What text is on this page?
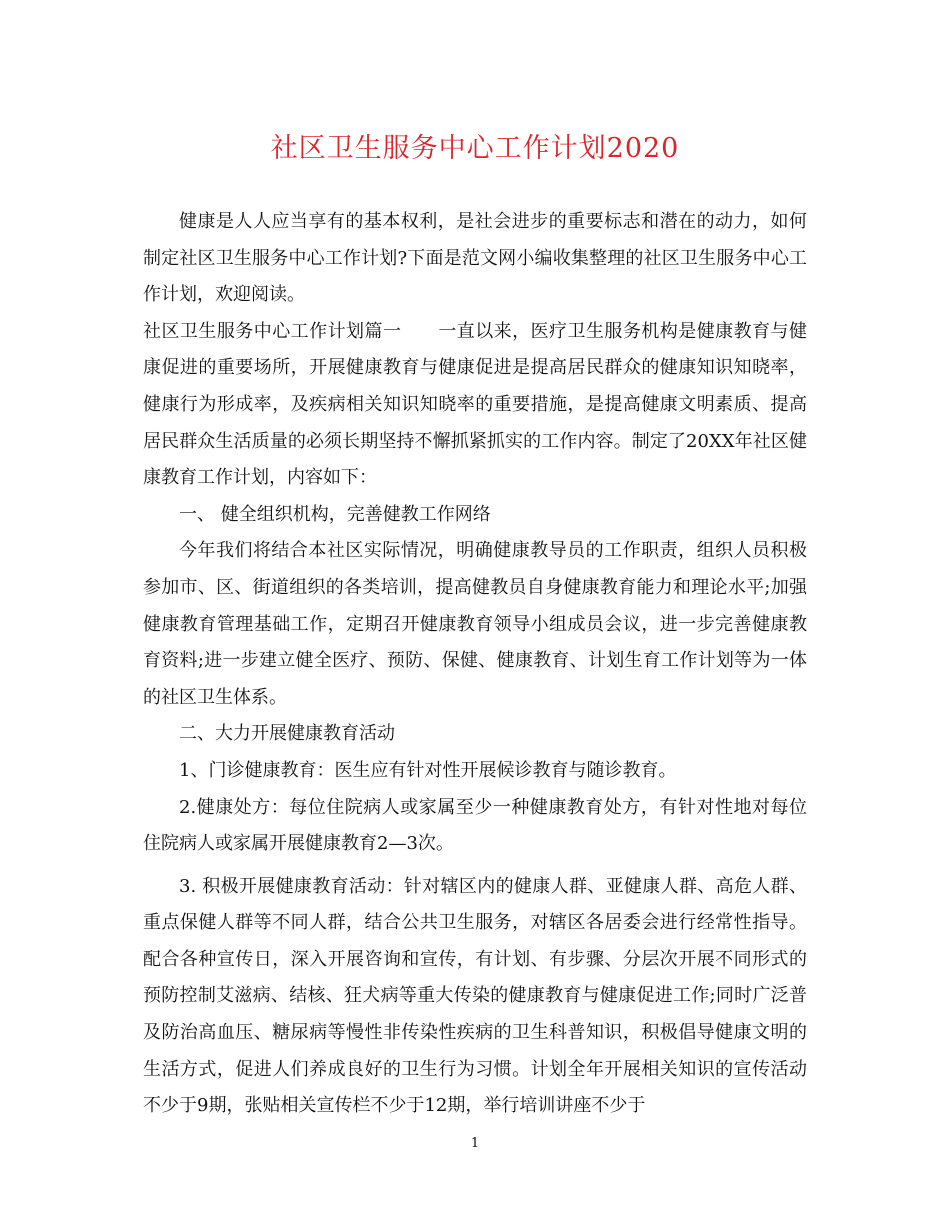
社区卫生服务中心工作计划2020

健康是人人应当享有的基本权利，是社会进步的重要标志和潜在的动力，如何制定社区卫生服务中心工作计划?下面是范文网小编收集整理的社区卫生服务中心工作计划，欢迎阅读。

社区卫生服务中心工作计划篇一　　一直以来，医疗卫生服务机构是健康教育与健康促进的重要场所，开展健康教育与健康促进是提高居民群众的健康知识知晓率，健康行为形成率，及疾病相关知识知晓率的重要措施，是提高健康文明素质、提高居民群众生活质量的必须长期坚持不懈抓紧抓实的工作内容。制定了20XX年社区健康教育工作计划，内容如下：

一、 健全组织机构，完善健教工作网络

今年我们将结合本社区实际情况，明确健康教导员的工作职责，组织人员积极参加市、区、街道组织的各类培训，提高健教员自身健康教育能力和理论水平;加强健康教育管理基础工作，定期召开健康教育领导小组成员会议，进一步完善健康教育资料;进一步建立健全医疗、预防、保健、健康教育、计划生育工作计划等为一体的社区卫生体系。

二、大力开展健康教育活动

1、门诊健康教育：医生应有针对性开展候诊教育与随诊教育。

2.健康处方：每位住院病人或家属至少一种健康教育处方，有针对性地对每位住院病人或家属开展健康教育2—3次。

3. 积极开展健康教育活动：针对辖区内的健康人群、亚健康人群、高危人群、重点保健人群等不同人群，结合公共卫生服务，对辖区各居委会进行经常性指导。配合各种宣传日，深入开展咨询和宣传，有计划、有步骤、分层次开展不同形式的预防控制艾滋病、结核、狂犬病等重大传染的健康教育与健康促进工作;同时广泛普及防治高血压、糖尿病等慢性非传染性疾病的卫生科普知识，积极倡导健康文明的生活方式，促进人们养成良好的卫生行为习惯。计划全年开展相关知识的宣传活动不少于9期，张贴相关宣传栏不少于12期，举行培训讲座不少于

1
